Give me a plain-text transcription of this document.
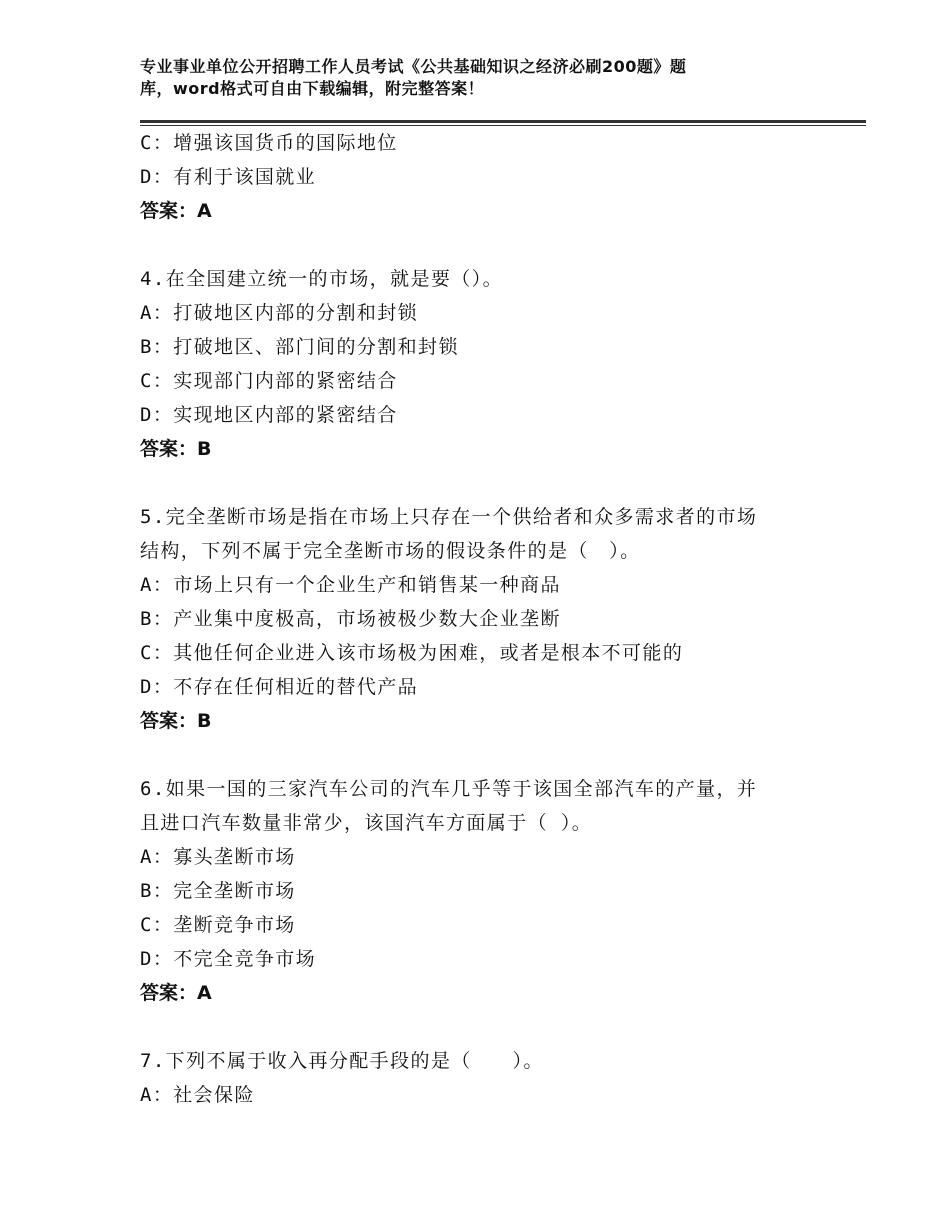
专业事业单位公开招聘工作人员考试《公共基础知识之经济必刷200题》题
库，word格式可自由下载编辑，附完整答案！
C：增强该国货币的国际地位
D：有利于该国就业
答案：A
4.在全国建立统一的市场，就是要（）。
A：打破地区内部的分割和封锁
B：打破地区、部门间的分割和封锁
C：实现部门内部的紧密结合
D：实现地区内部的紧密结合
答案：B
5.完全垄断市场是指在市场上只存在一个供给者和众多需求者的市场
结构，下列不属于完全垄断市场的假设条件的是（　）。
A：市场上只有一个企业生产和销售某一种商品
B：产业集中度极高，市场被极少数大企业垄断
C：其他任何企业进入该市场极为困难，或者是根本不可能的
D：不存在任何相近的替代产品
答案：B
6.如果一国的三家汽车公司的汽车几乎等于该国全部汽车的产量，并
且进口汽车数量非常少，该国汽车方面属于（ ）。
A：寡头垄断市场
B：完全垄断市场
C：垄断竞争市场
D：不完全竞争市场
答案：A
7.下列不属于收入再分配手段的是（　　）。
A：社会保险
